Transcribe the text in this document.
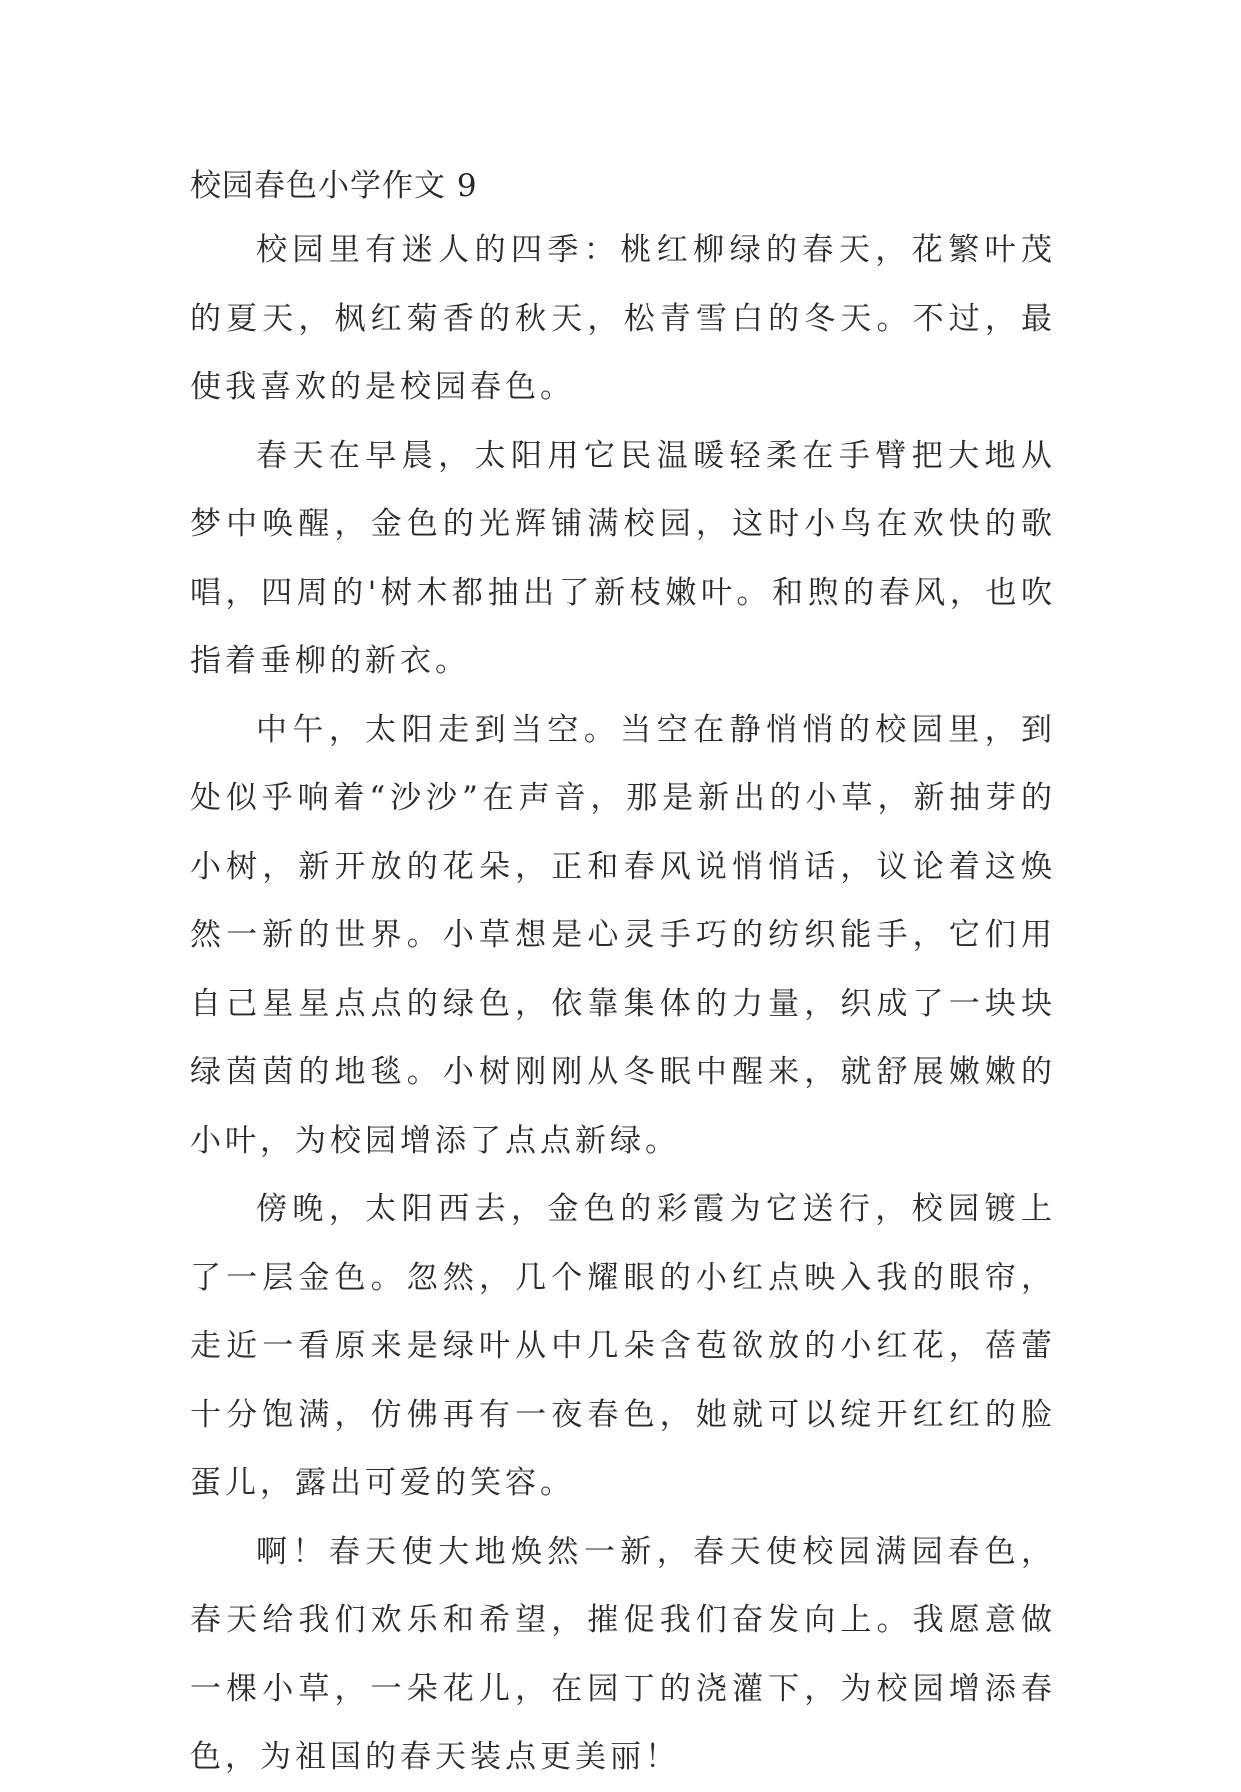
校园春色小学作文 9

校园里有迷人的四季：桃红柳绿的春天，花繁叶茂的夏天，枫红菊香的秋天，松青雪白的冬天。不过，最使我喜欢的是校园春色。

春天在早晨，太阳用它民温暖轻柔在手臂把大地从梦中唤醒，金色的光辉铺满校园，这时小鸟在欢快的歌唱，四周的'树木都抽出了新枝嫩叶。和煦的春风，也吹指着垂柳的新衣。

中午，太阳走到当空。当空在静悄悄的校园里，到处似乎响着“沙沙”在声音，那是新出的小草，新抽芽的小树，新开放的花朵，正和春风说悄悄话，议论着这焕然一新的世界。小草想是心灵手巧的纺织能手，它们用自己星星点点的绿色，依靠集体的力量，织成了一块块绿茵茵的地毯。小树刚刚从冬眠中醒来，就舒展嫩嫩的小叶，为校园增添了点点新绿。

傍晚，太阳西去，金色的彩霞为它送行，校园镀上了一层金色。忽然，几个耀眼的小红点映入我的眼帘，走近一看原来是绿叶从中几朵含苞欲放的小红花，蓓蕾十分饱满，仿佛再有一夜春色，她就可以绽开红红的脸蛋儿，露出可爱的笑容。

啊！春天使大地焕然一新，春天使校园满园春色，春天给我们欢乐和希望，摧促我们奋发向上。我愿意做一棵小草，一朵花儿，在园丁的浇灌下，为校园增添春色，为祖国的春天装点更美丽！
